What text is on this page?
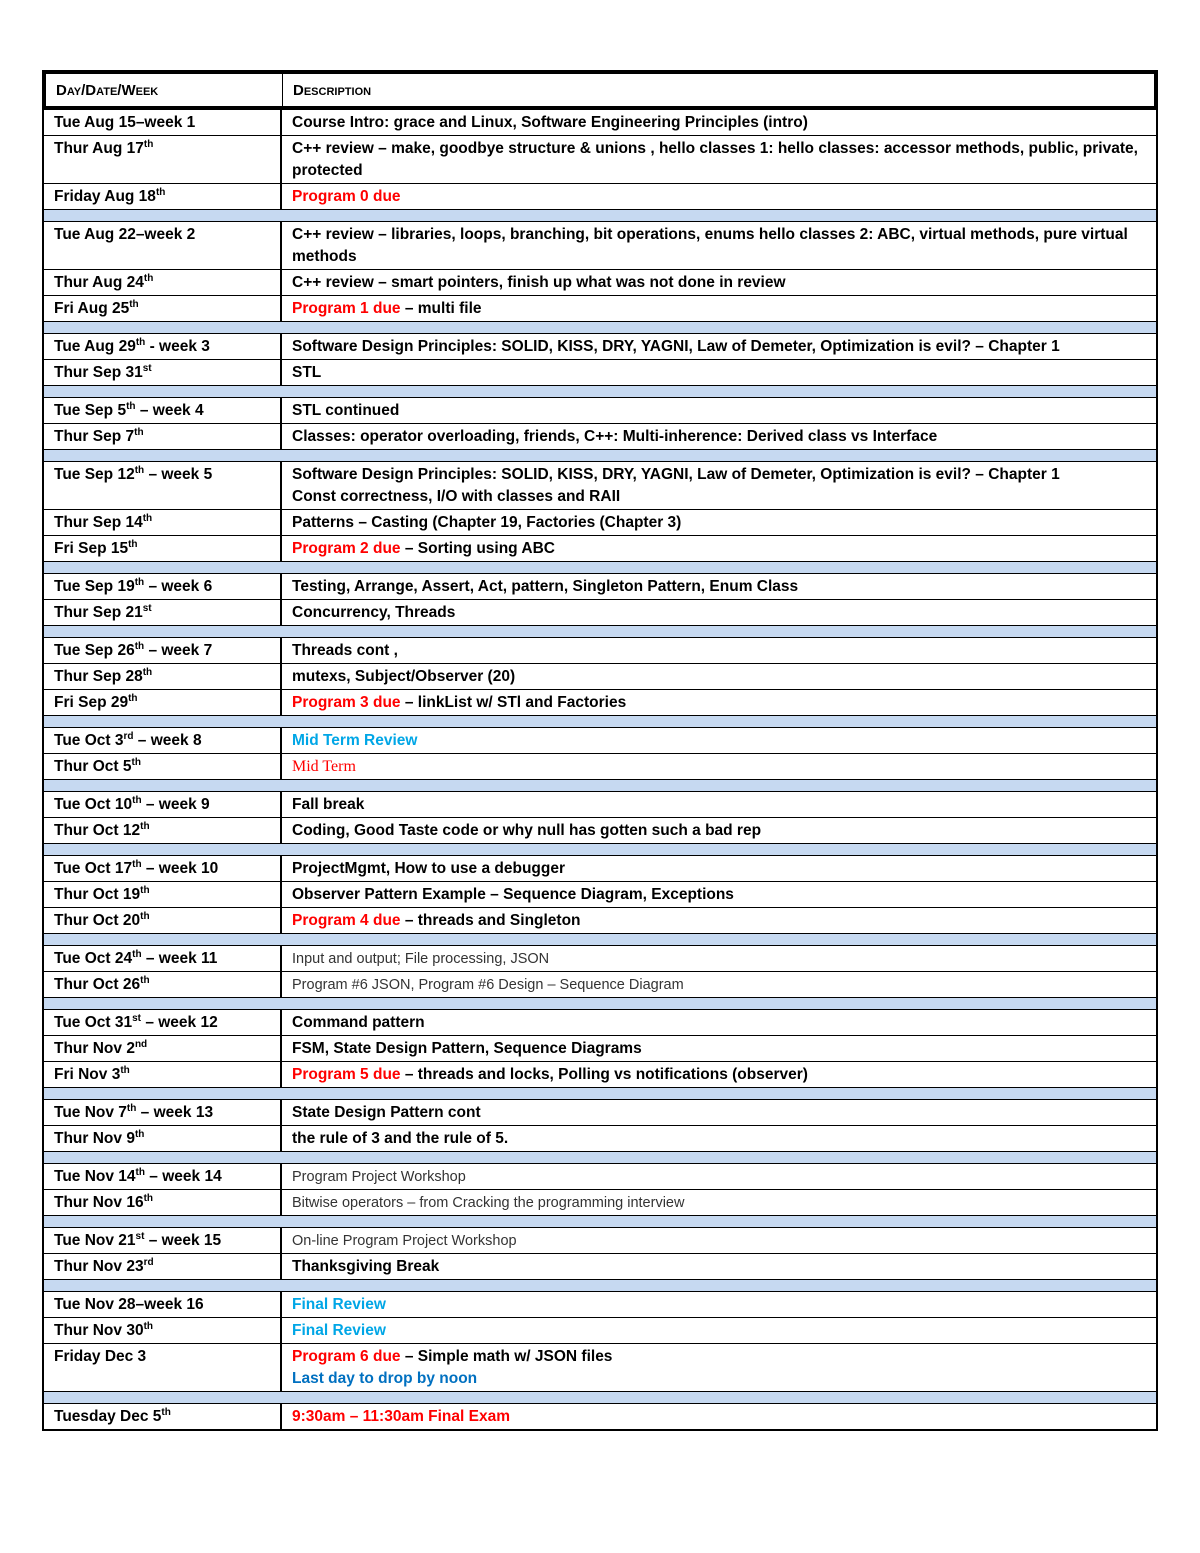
Day/Date/Week	Description
Tue Aug 15–week 1	Course Intro: grace and Linux, Software Engineering Principles (intro)
Thur Aug 17th	C++ review – make, goodbye structure & unions , hello classes 1: hello classes: accessor methods, public, private, protected
Friday Aug 18th	Program 0 due
Tue Aug 22–week 2	C++ review – libraries, loops, branching, bit operations, enums hello classes 2: ABC, virtual methods, pure virtual methods
Thur Aug 24th	C++ review – smart pointers, finish up what was not done in review
Fri Aug 25th	Program 1 due – multi file
Tue Aug 29th - week 3	Software Design Principles: SOLID, KISS, DRY, YAGNI, Law of Demeter, Optimization is evil? – Chapter 1
Thur Sep 31st	STL
Tue Sep 5th – week 4	STL continued
Thur Sep 7th	Classes: operator overloading, friends, C++: Multi-inherence: Derived class vs Interface
Tue Sep 12th – week 5	Software Design Principles: SOLID, KISS, DRY, YAGNI, Law of Demeter, Optimization is evil? – Chapter 1
Const correctness, I/O with classes and RAII
Thur Sep 14th	Patterns – Casting (Chapter 19, Factories (Chapter 3)
Fri Sep 15th	Program 2 due – Sorting using ABC
Tue Sep 19th – week 6	Testing, Arrange, Assert, Act, pattern, Singleton Pattern, Enum Class
Thur Sep 21st	Concurrency, Threads
Tue Sep 26th – week 7	Threads cont ,
Thur Sep 28th	mutexs, Subject/Observer (20)
Fri Sep 29th	Program 3 due – linkList w/ STl and Factories
Tue Oct 3rd – week 8	Mid Term Review
Thur Oct 5th	Mid Term
Tue Oct 10th – week 9	Fall break
Thur Oct 12th	Coding, Good Taste code or why null has gotten such a bad rep
Tue Oct 17th – week 10	ProjectMgmt, How to use a debugger
Thur Oct 19th	Observer Pattern Example – Sequence Diagram, Exceptions
Thur Oct 20th	Program 4 due – threads and Singleton
Tue Oct 24th – week 11	Input and output; File processing, JSON
Thur Oct 26th	Program #6 JSON, Program #6 Design – Sequence Diagram
Tue Oct 31st – week 12	Command pattern
Thur Nov 2nd	FSM, State Design Pattern, Sequence Diagrams
Fri Nov 3th	Program 5 due – threads and locks, Polling vs notifications (observer)
Tue Nov 7th – week 13	State Design Pattern cont
Thur Nov 9th	the rule of 3 and the rule of 5.
Tue Nov 14th – week 14	Program Project Workshop
Thur Nov 16th	Bitwise operators – from Cracking the programming interview
Tue Nov 21st – week 15	On-line Program Project Workshop
Thur Nov 23rd	Thanksgiving Break
Tue Nov 28–week 16	Final Review
Thur Nov 30th	Final Review
Friday Dec 3	Program 6 due – Simple math w/ JSON files
Last day to drop by noon
Tuesday Dec 5th	9:30am – 11:30am Final Exam
